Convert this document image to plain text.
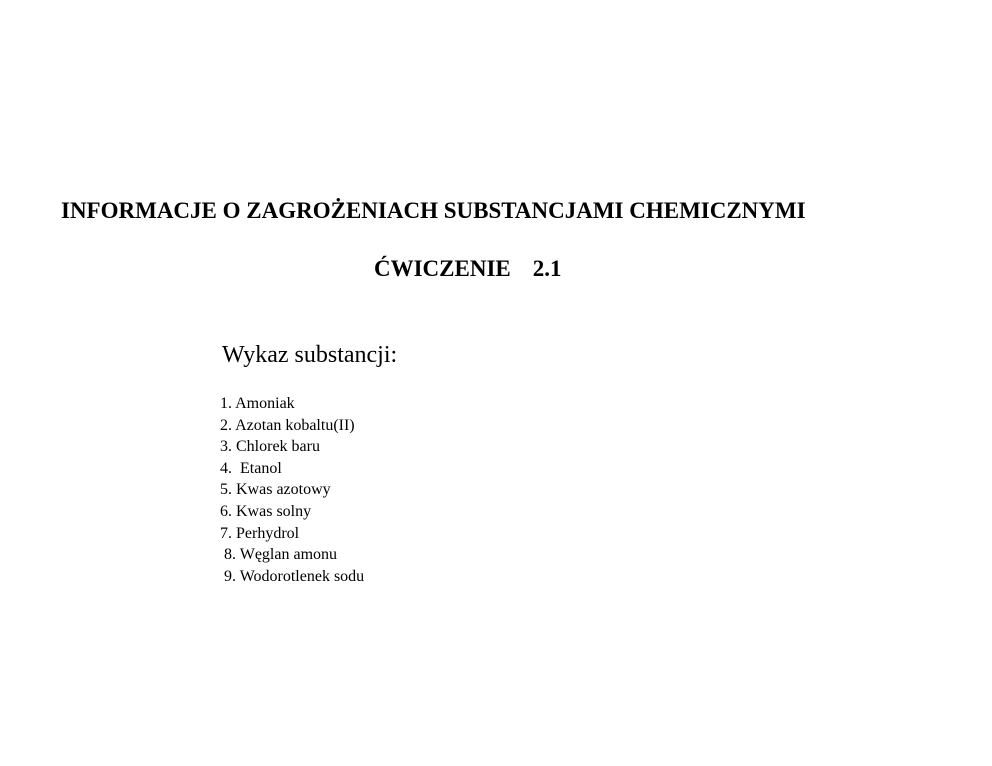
INFORMACJE O ZAGROŻENIACH SUBSTANCJAMI CHEMICZNYMI
ĆWICZENIE 2.1
Wykaz substancji:
1. Amoniak
2. Azotan kobaltu(II)
3. Chlorek baru
4.  Etanol
5. Kwas azotowy
6. Kwas solny
7. Perhydrol
8. Węglan amonu
9. Wodorotlenek sodu
